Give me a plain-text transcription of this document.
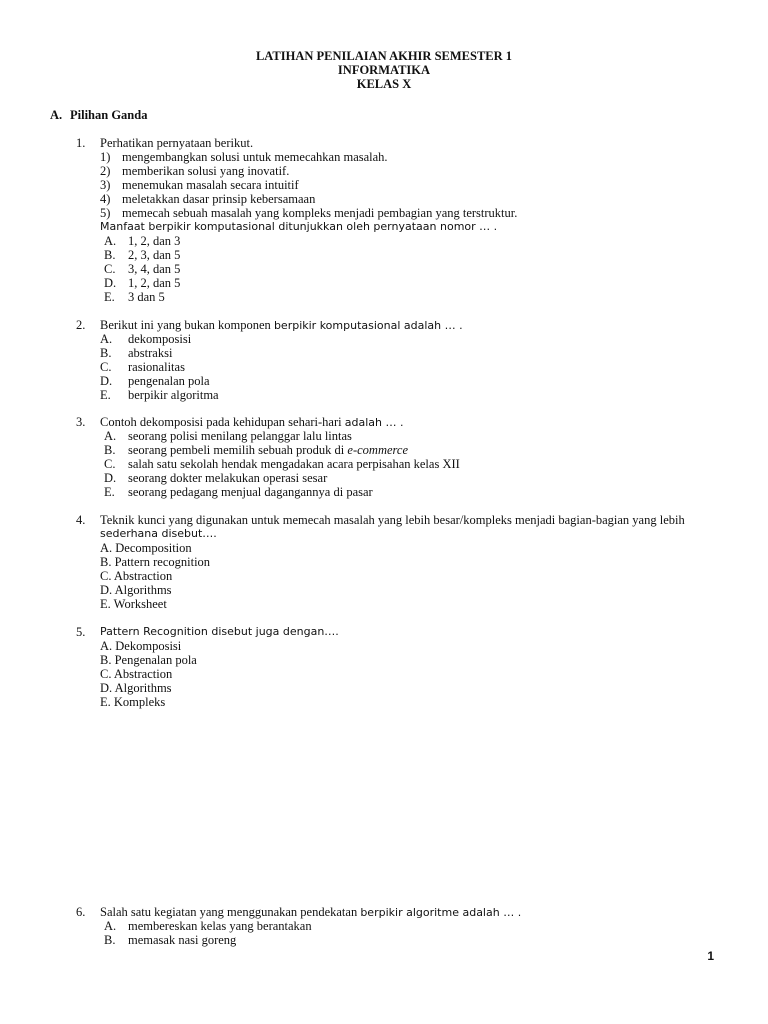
LATIHAN PENILAIAN AKHIR SEMESTER 1
INFORMATIKA
KELAS X
A. Pilihan Ganda
1. Perhatikan pernyataan berikut.
1) mengembangkan solusi untuk memecahkan masalah.
2) memberikan solusi yang inovatif.
3) menemukan masalah secara intuitif
4) meletakkan dasar prinsip kebersamaan
5) memecah sebuah masalah yang kompleks menjadi pembagian yang terstruktur.
Manfaat berpikir komputasional ditunjukkan oleh pernyataan nomor … .
A. 1, 2, dan 3
B. 2, 3, dan 5
C. 3, 4, dan 5
D. 1, 2, dan 5
E. 3 dan 5
2. Berikut ini yang bukan komponen berpikir komputasional adalah … .
A. dekomposisi
B. abstraksi
C. rasionalitas
D. pengenalan pola
E. berpikir algoritma
3. Contoh dekomposisi pada kehidupan sehari-hari adalah … .
A. seorang polisi menilang pelanggar lalu lintas
B. seorang pembeli memilih sebuah produk di e-commerce
C. salah satu sekolah hendak mengadakan acara perpisahan kelas XII
D. seorang dokter melakukan operasi sesar
E. seorang pedagang menjual dagangannya di pasar
4. Teknik kunci yang digunakan untuk memecah masalah yang lebih besar/kompleks menjadi bagian-bagian yang lebih
sederhana disebut….
A. Decomposition
B. Pattern recognition
C. Abstraction
D. Algorithms
E. Worksheet
5. Pattern Recognition disebut juga dengan….
A. Dekomposisi
B. Pengenalan pola
C. Abstraction
D. Algorithms
E. Kompleks
6. Salah satu kegiatan yang menggunakan pendekatan berpikir algoritme adalah … .
A. membereskan kelas yang berantakan
B. memasak nasi goreng
1
